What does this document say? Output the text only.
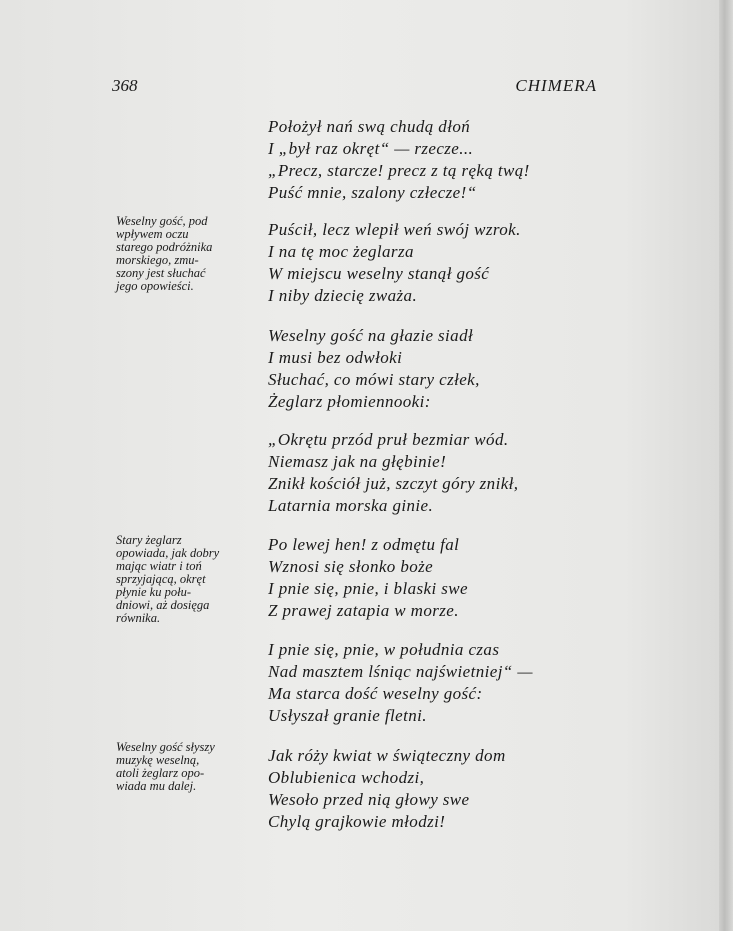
368	CHIMERA
Położył nań swą chudą dłoń
I „był raz okręt“ — rzecze...
„Precz, starcze! precz z tą ręką twą!
Puść mnie, szalony człecze!“
Puścił, lecz wlepił weń swój wzrok.
I na tę moc żeglarza
W miejscu weselny stanął gość
I niby dziecię zważa.
Weselny gość na głazie siadł
I musi bez odwłoki
Słuchać, co mówi stary człek,
Żeglarz płomiennooki:
„Okrętu przód pruł bezmiar wód.
Niemasz jak na głębinie!
Znikł kościół już, szczyt góry znikł,
Latarnia morska ginie.
Po lewej hen! z odmętu fal
Wznosi się słonko boże
I pnie się, pnie, i blaski swe
Z prawej zatapia w morze.
I pnie się, pnie, w południa czas
Nad masztem lśniąc najświetniej“ —
Ma starca dość weselny gość:
Usłyszał granie fletni.
Jak róży kwiat w świąteczny dom
Oblubienica wchodzi,
Wesoło przed nią głowy swe
Chylą grajkowie młodzi!
Weselny gość, pod
wpływem oczu
starego podróżnika
morskiego, zmu-
szony jest słuchać
jego opowieści.
Stary żeglarz
opowiada, jak dobry
mając wiatr i toń
sprzyjającą, okręt
płynie ku połu-
dniowi, aż dosięga
równika.
Weselny gość słyszy
muzykę weselną,
atoli żeglarz opo-
wiada mu dalej.
